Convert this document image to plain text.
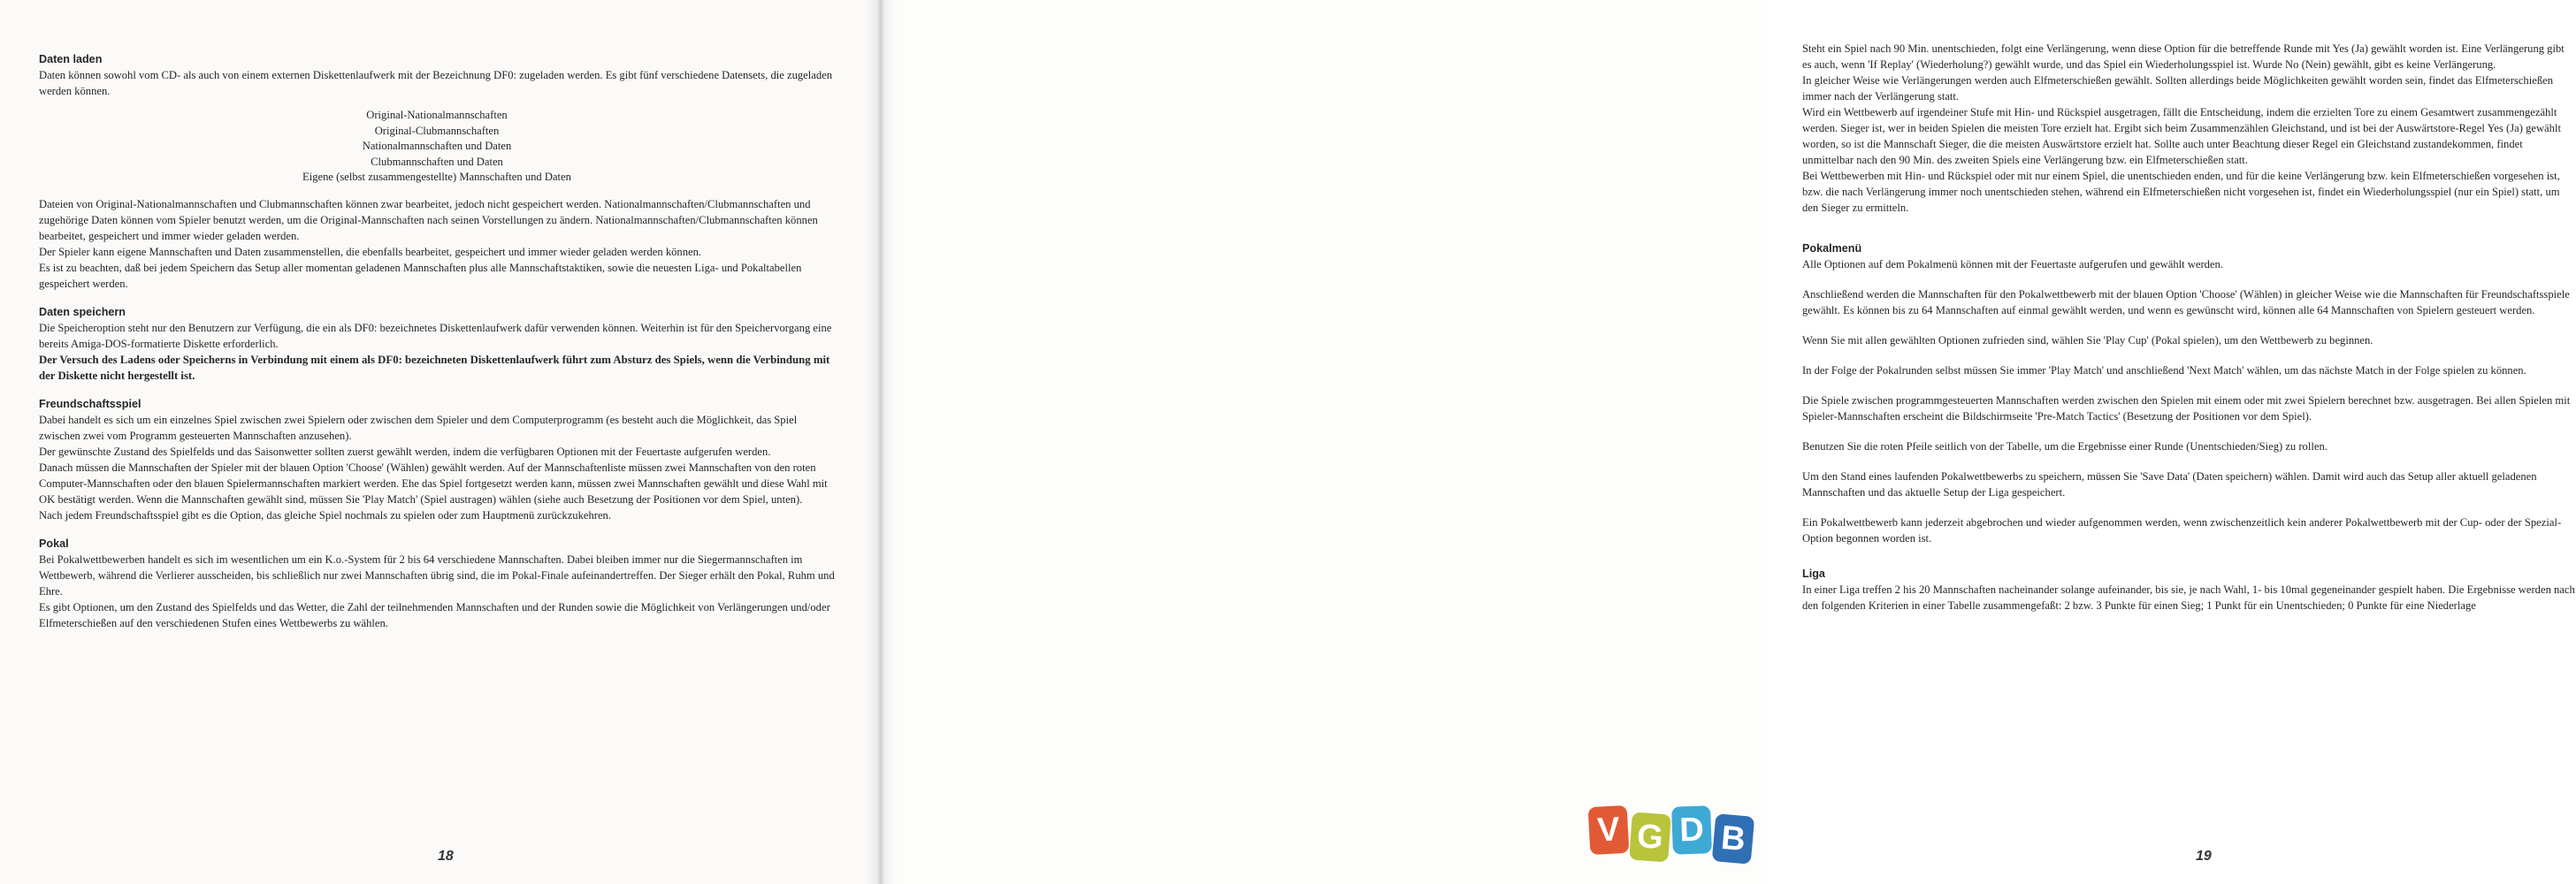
Daten laden

Daten können sowohl vom CD- als auch von einem externen Diskettenlaufwerk mit der Bezeichnung DF0: zugeladen werden. Es gibt fünf verschiedene Datensets, die zugeladen werden können.

Original-Nationalmannschaften
Original-Clubmannschaften
Nationalmannschaften und Daten
Clubmannschaften und Daten
Eigene (selbst zusammengestellte) Mannschaften und Daten

Dateien von Original-Nationalmannschaften und Clubmannschaften können zwar bearbeitet, jedoch nicht gespeichert werden. Nationalmannschaften/Clubmannschaften und zugehörige Daten können vom Spieler benutzt werden, um die Original-Mannschaften nach seinen Vorstellungen zu ändern. Nationalmannschaften/Clubmannschaften können bearbeitet, gespeichert und immer wieder geladen werden.

Der Spieler kann eigene Mannschaften und Daten zusammenstellen, die ebenfalls bearbeitet, gespeichert und immer wieder geladen werden können.

Es ist zu beachten, daß bei jedem Speichern das Setup aller momentan geladenen Mannschaften plus alle Mannschaftstaktiken, sowie die neuesten Liga- und Pokaltabellen gespeichert werden.

Daten speichern

Die Speicheroption steht nur den Benutzern zur Verfügung, die ein als DF0: bezeichnetes Diskettenlaufwerk dafür verwenden können. Weiterhin ist für den Speichervorgang eine bereits Amiga-DOS-formatierte Diskette erforderlich.

Der Versuch des Ladens oder Speicherns in Verbindung mit einem als DF0: bezeichneten Diskettenlaufwerk führt zum Absturz des Spiels, wenn die Verbindung mit der Diskette nicht hergestellt ist.

Freundschaftsspiel

Dabei handelt es sich um ein einzelnes Spiel zwischen zwei Spielern oder zwischen dem Spieler und dem Computerprogramm (es besteht auch die Möglichkeit, das Spiel zwischen zwei vom Programm gesteuerten Mannschaften anzusehen).

Der gewünschte Zustand des Spielfelds und das Saisonwetter sollten zuerst gewählt werden, indem die verfügbaren Optionen mit der Feuertaste aufgerufen werden.

Danach müssen die Mannschaften der Spieler mit der blauen Option 'Choose' (Wählen) gewählt werden. Auf der Mannschaftenliste müssen zwei Mannschaften von den roten Computer-Mannschaften oder den blauen Spielermannschaften markiert werden. Ehe das Spiel fortgesetzt werden kann, müssen zwei Mannschaften gewählt und diese Wahl mit OK bestätigt werden. Wenn die Mannschaften gewählt sind, müssen Sie 'Play Match' (Spiel austragen) wählen (siehe auch Besetzung der Positionen vor dem Spiel, unten).

Nach jedem Freundschaftsspiel gibt es die Option, das gleiche Spiel nochmals zu spielen oder zum Hauptmenü zurückzukehren.

Pokal

Bei Pokalwettbewerben handelt es sich im wesentlichen um ein K.o.-System für 2 bis 64 verschiedene Mannschaften. Dabei bleiben immer nur die Siegermannschaften im Wettbewerb, während die Verlierer ausscheiden, bis schließlich nur zwei Mannschaften übrig sind, die im Pokal-Finale aufeinandertreffen. Der Sieger erhält den Pokal, Ruhm und Ehre.

Es gibt Optionen, um den Zustand des Spielfelds und das Wetter, die Zahl der teilnehmenden Mannschaften und der Runden sowie die Möglichkeit von Verlängerungen und/oder Elfmeterschießen auf den verschiedenen Stufen eines Wettbewerbs zu wählen.

18

Steht ein Spiel nach 90 Min. unentschieden, folgt eine Verlängerung, wenn diese Option für die betreffende Runde mit Yes (Ja) gewählt worden ist. Eine Verlängerung gibt es auch, wenn 'If Replay' (Wiederholung?) gewählt wurde, und das Spiel ein Wiederholungsspiel ist. Wurde No (Nein) gewählt, gibt es keine Verlängerung.

In gleicher Weise wie Verlängerungen werden auch Elfmeterschießen gewählt. Sollten allerdings beide Möglichkeiten gewählt worden sein, findet das Elfmeterschießen immer nach der Verlängerung statt.

Wird ein Wettbewerb auf irgendeiner Stufe mit Hin- und Rückspiel ausgetragen, fällt die Entscheidung, indem die erzielten Tore zu einem Gesamtwert zusammengezählt werden. Sieger ist, wer in beiden Spielen die meisten Tore erzielt hat. Ergibt sich beim Zusammenzählen Gleichstand, und ist bei der Auswärtstore-Regel Yes (Ja) gewählt worden, so ist die Mannschaft Sieger, die die meisten Auswärtstore erzielt hat. Sollte auch unter Beachtung dieser Regel ein Gleichstand zustandekommen, findet unmittelbar nach den 90 Min. des zweiten Spiels eine Verlängerung bzw. ein Elfmeterschießen statt.

Bei Wettbewerben mit Hin- und Rückspiel oder mit nur einem Spiel, die unentschieden enden, und für die keine Verlängerung bzw. kein Elfmeterschießen vorgesehen ist, bzw. die nach Verlängerung immer noch unentschieden stehen, während ein Elfmeterschießen nicht vorgesehen ist, findet ein Wiederholungsspiel (nur ein Spiel) statt, um den Sieger zu ermitteln.

Pokalmenü

Alle Optionen auf dem Pokalmenü können mit der Feuertaste aufgerufen und gewählt werden.

Anschließend werden die Mannschaften für den Pokalwettbewerb mit der blauen Option 'Choose' (Wählen) in gleicher Weise wie die Mannschaften für Freundschaftsspiele gewählt. Es können bis zu 64 Mannschaften auf einmal gewählt werden, und wenn es gewünscht wird, können alle 64 Mannschaften von Spielern gesteuert werden.

Wenn Sie mit allen gewählten Optionen zufrieden sind, wählen Sie 'Play Cup' (Pokal spielen), um den Wettbewerb zu beginnen.

In der Folge der Pokalrunden selbst müssen Sie immer 'Play Match' und anschließend 'Next Match' wählen, um das nächste Match in der Folge spielen zu können.

Die Spiele zwischen programmgesteuerten Mannschaften werden zwischen den Spielen mit einem oder mit zwei Spielern berechnet bzw. ausgetragen. Bei allen Spielen mit Spieler-Mannschaften erscheint die Bildschirmseite 'Pre-Match Tactics' (Besetzung der Positionen vor dem Spiel).

Benutzen Sie die roten Pfeile seitlich von der Tabelle, um die Ergebnisse einer Runde (Unentschieden/Sieg) zu rollen.

Um den Stand eines laufenden Pokalwettbewerbs zu speichern, müssen Sie 'Save Data' (Daten speichern) wählen. Damit wird auch das Setup aller aktuell geladenen Mannschaften und das aktuelle Setup der Liga gespeichert.

Ein Pokalwettbewerb kann jederzeit abgebrochen und wieder aufgenommen werden, wenn zwischenzeitlich kein anderer Pokalwettbewerb mit der Cup- oder der Spezial-Option begonnen worden ist.

Liga

In einer Liga treffen 2 his 20 Mannschaften nacheinander solange aufeinander, bis sie, je nach Wahl, 1- bis 10mal gegeneinander gespielt haben. Die Ergebnisse werden nach den folgenden Kriterien in einer Tabelle zusammengefaßt: 2 bzw. 3 Punkte für einen Sieg; 1 Punkt für ein Unentschieden; 0 Punkte für eine Niederlage

19
V G D B
